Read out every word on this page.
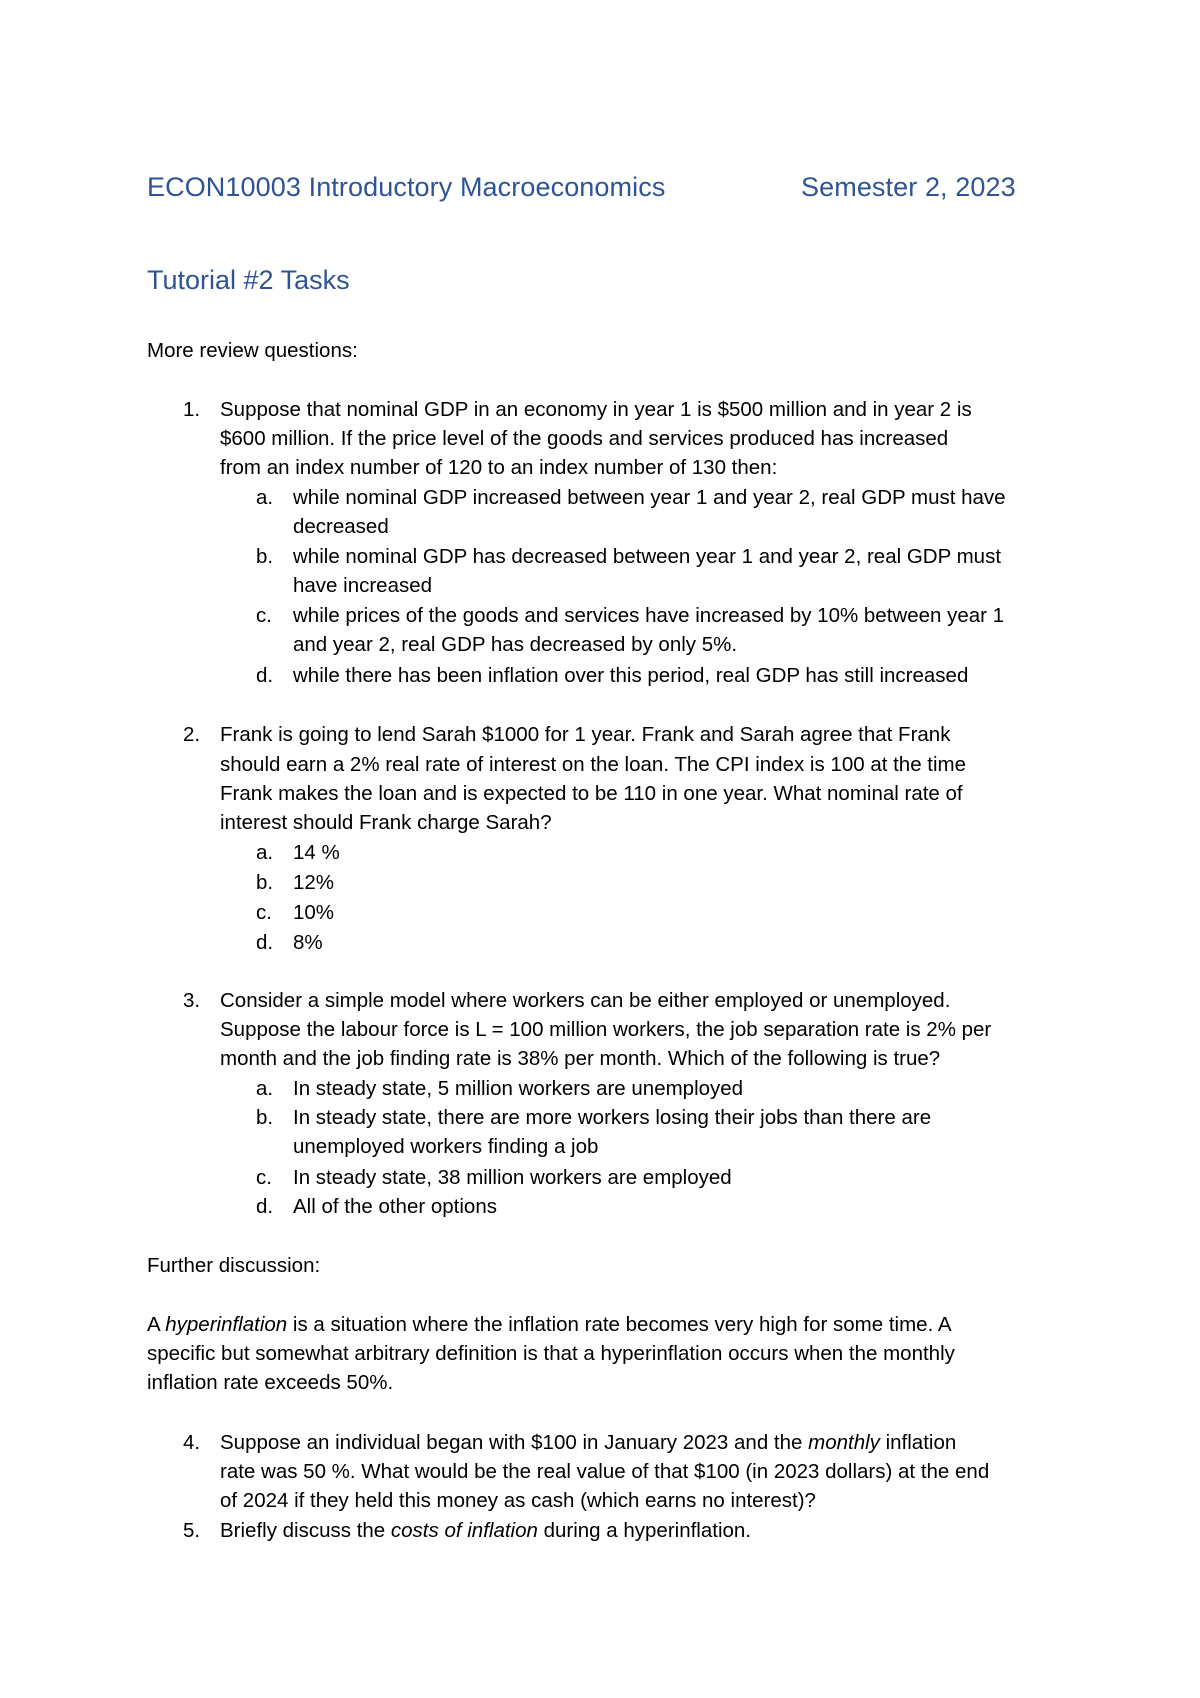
ECON10003 Introductory Macroeconomics	Semester 2, 2023
Tutorial #2 Tasks
More review questions:
1. Suppose that nominal GDP in an economy in year 1 is $500 million and in year 2 is
$600 million. If the price level of the goods and services produced has increased
from an index number of 120 to an index number of 130 then:
a. while nominal GDP increased between year 1 and year 2, real GDP must have
decreased
b. while nominal GDP has decreased between year 1 and year 2, real GDP must
have increased
c. while prices of the goods and services have increased by 10% between year 1
and year 2, real GDP has decreased by only 5%.
d. while there has been inflation over this period, real GDP has still increased
2. Frank is going to lend Sarah $1000 for 1 year. Frank and Sarah agree that Frank
should earn a 2% real rate of interest on the loan. The CPI index is 100 at the time
Frank makes the loan and is expected to be 110 in one year. What nominal rate of
interest should Frank charge Sarah?
a. 14 %
b. 12%
c. 10%
d. 8%
3. Consider a simple model where workers can be either employed or unemployed.
Suppose the labour force is L = 100 million workers, the job separation rate is 2% per
month and the job finding rate is 38% per month. Which of the following is true?
a. In steady state, 5 million workers are unemployed
b. In steady state, there are more workers losing their jobs than there are
unemployed workers finding a job
c. In steady state, 38 million workers are employed
d. All of the other options
Further discussion:
A hyperinflation is a situation where the inflation rate becomes very high for some time. A
specific but somewhat arbitrary definition is that a hyperinflation occurs when the monthly
inflation rate exceeds 50%.
4. Suppose an individual began with $100 in January 2023 and the monthly inflation
rate was 50 %. What would be the real value of that $100 (in 2023 dollars) at the end
of 2024 if they held this money as cash (which earns no interest)?
5. Briefly discuss the costs of inflation during a hyperinflation.
